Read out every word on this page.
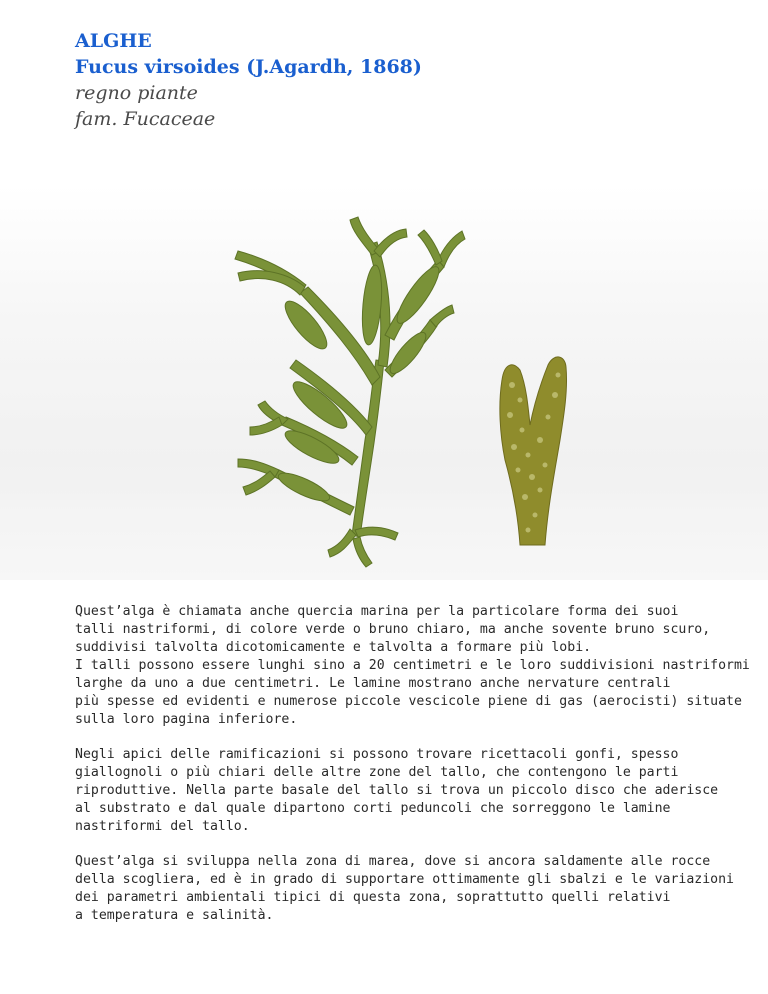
ALGHE
Fucus virsoides (J.Agardh, 1868)
regno piante
fam. Fucaceae

Quest’alga è chiamata anche quercia marina per la particolare forma dei suoi
talli nastriformi, di colore verde o bruno chiaro, ma anche sovente bruno scuro,
suddivisi talvolta dicotomicamente e talvolta a formare più lobi.
I talli possono essere lunghi sino a 20 centimetri e le loro suddivisioni nastriformi
larghe da uno a due centimetri. Le lamine mostrano anche nervature centrali
più spesse ed evidenti e numerose piccole vescicole piene di gas (aerocisti) situate
sulla loro pagina inferiore.

Negli apici delle ramificazioni si possono trovare ricettacoli gonfi, spesso
giallognoli o più chiari delle altre zone del tallo, che contengono le parti
riproduttive. Nella parte basale del tallo si trova un piccolo disco che aderisce
al substrato e dal quale dipartono corti peduncoli che sorreggono le lamine
nastriformi del tallo.

Quest’alga si sviluppa nella zona di marea, dove si ancora saldamente alle rocce
della scogliera, ed è in grado di supportare ottimamente gli sbalzi e le variazioni
dei parametri ambientali tipici di questa zona, soprattutto quelli relativi
a temperatura e salinità.
